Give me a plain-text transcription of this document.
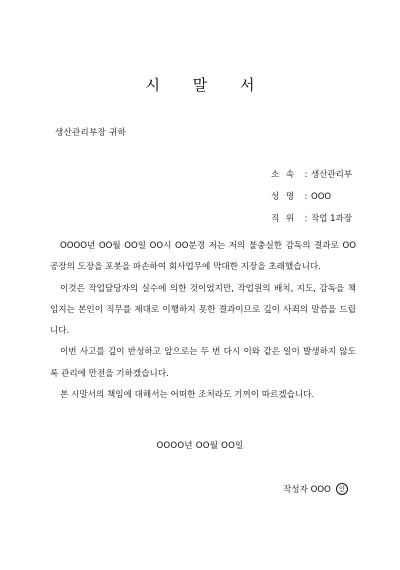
시 말 서
생산관리부장 귀하
소 속 : 생산관리부
성 명 : OOO
직 위 : 작업 1과장

OOOO년 OO월 OO일 OO시 OO분경 저는 저의 불충실한 감독의 결과로 OO공장의 도장을 포봇을 파손하여 회사업무에 막대한 지장을 초래했습니다.

이것은 작업담당자의 실수에 의한 것이었지만, 작업원의 배치, 지도, 감독을 책임지는 본인이 직무를 제대로 이행하지 못한 결과이므로 깊이 사죄의 말씀을 드립니다.

이번 사고를 깊이 반성하고 앞으로는 두 번 다시 이와 같은 일이 발생하지 않도록 관리에 만전을 기하겠습니다.

본 시말서의 책임에 대해서는 어떠한 조처라도 기꺼이 따르겠습니다.

OOOO년 OO월 OO일
작성자 OOO	인
